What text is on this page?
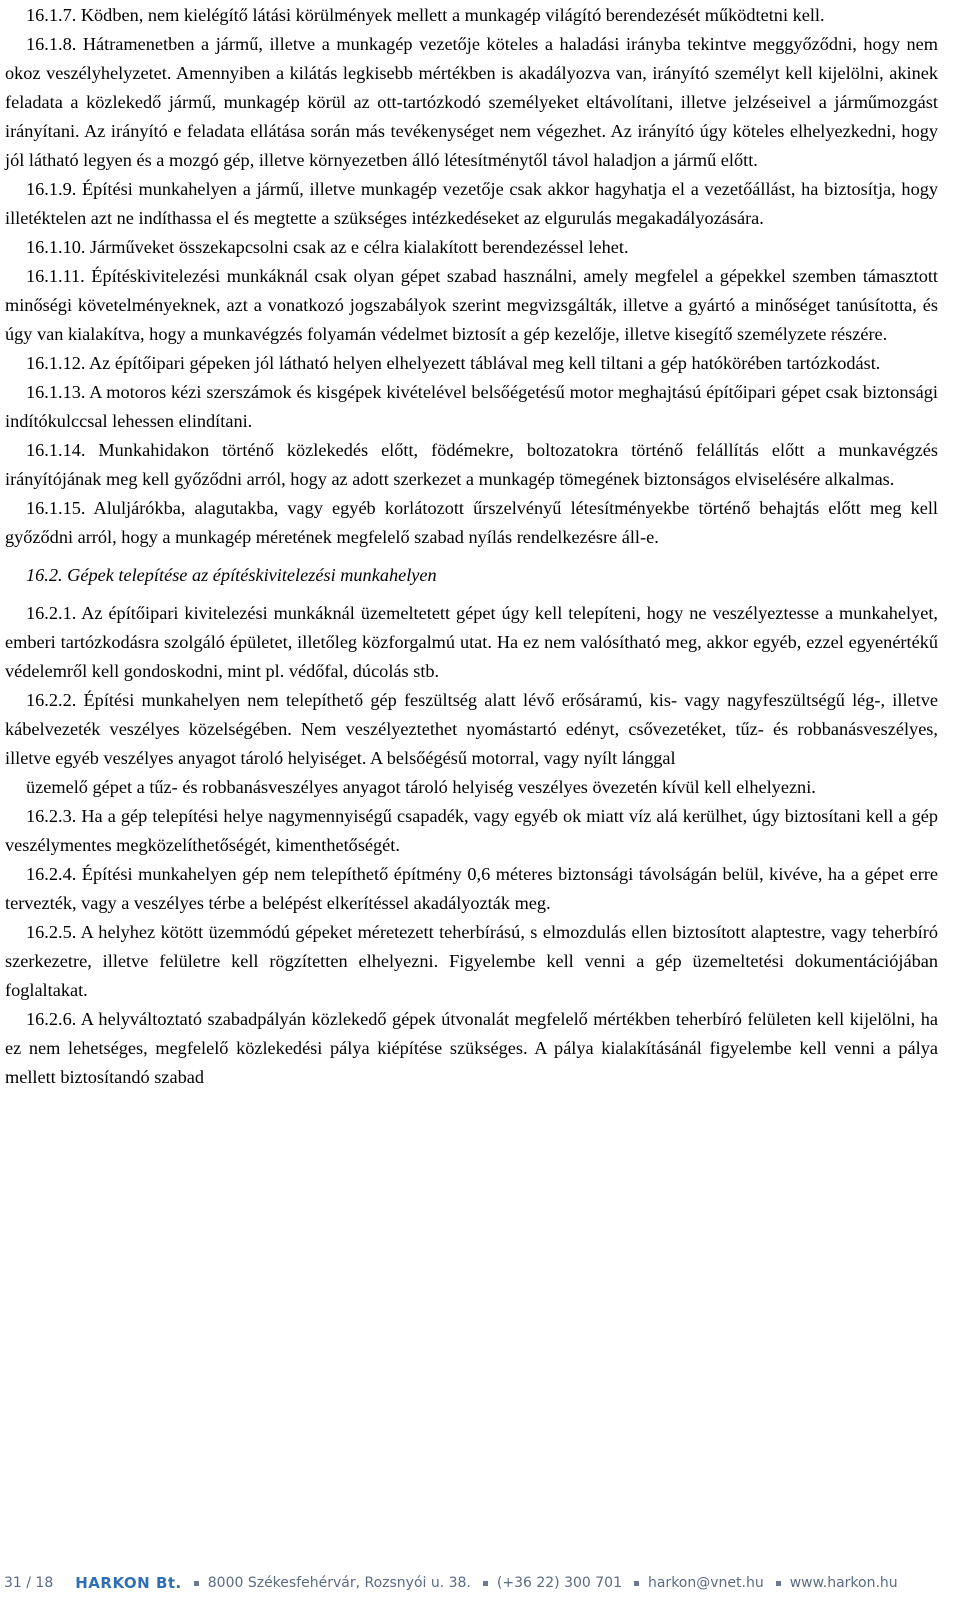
16.1.7. Ködben, nem kielégítő látási körülmények mellett a munkagép világító berendezését működtetni kell.

16.1.8. Hátramenetben a jármű, illetve a munkagép vezetője köteles a haladási irányba tekintve meggyőződni, hogy nem okoz veszélyhelyzetet. Amennyiben a kilátás legkisebb mértékben is akadályozva van, irányító személyt kell kijelölni, akinek feladata a közlekedő jármű, munkagép körül az ott-tartózkodó személyeket eltávolítani, illetve jelzéseivel a járműmozgást irányítani. Az irányító e feladata ellátása során más tevékenységet nem végezhet. Az irányító úgy köteles elhelyezkedni, hogy jól látható legyen és a mozgó gép, illetve környezetben álló létesítménytől távol haladjon a jármű előtt.

16.1.9. Építési munkahelyen a jármű, illetve munkagép vezetője csak akkor hagyhatja el a vezetőállást, ha biztosítja, hogy illetéktelen azt ne indíthassa el és megtette a szükséges intézkedéseket az elgurulás megakadályozására.

16.1.10. Járműveket összekapcsolni csak az e célra kialakított berendezéssel lehet.

16.1.11. Építéskivitelezési munkáknál csak olyan gépet szabad használni, amely megfelel a gépekkel szemben támasztott minőségi követelményeknek, azt a vonatkozó jogszabályok szerint megvizsgálták, illetve a gyártó a minőséget tanúsította, és úgy van kialakítva, hogy a munkavégzés folyamán védelmet biztosít a gép kezelője, illetve kisegítő személyzete részére.

16.1.12. Az építőipari gépeken jól látható helyen elhelyezett táblával meg kell tiltani a gép hatókörében tartózkodást.

16.1.13. A motoros kézi szerszámok és kisgépek kivételével belsőégetésű motor meghajtású építőipari gépet csak biztonsági indítókulccsal lehessen elindítani.

16.1.14. Munkahidakon történő közlekedés előtt, födémekre, boltozatokra történő felállítás előtt a munkavégzés irányítójának meg kell győződni arról, hogy az adott szerkezet a munkagép tömegének biztonságos elviselésére alkalmas.

16.1.15. Aluljárókba, alagutakba, vagy egyéb korlátozott űrszelvényű létesítményekbe történő behajtás előtt meg kell győződni arról, hogy a munkagép méretének megfelelő szabad nyílás rendelkezésre áll-e.

16.2. Gépek telepítése az építéskivitelezési munkahelyen

16.2.1. Az építőipari kivitelezési munkáknál üzemeltetett gépet úgy kell telepíteni, hogy ne veszélyeztesse a munkahelyet, emberi tartózkodásra szolgáló épületet, illetőleg közforgalmú utat. Ha ez nem valósítható meg, akkor egyéb, ezzel egyenértékű védelemről kell gondoskodni, mint pl. védőfal, dúcolás stb.

16.2.2. Építési munkahelyen nem telepíthető gép feszültség alatt lévő erősáramú, kis- vagy nagyfeszültségű lég-, illetve kábelvezeték veszélyes közelségében. Nem veszélyeztethet nyomástartó edényt, csővezetéket, tűz- és robbanásveszélyes, illetve egyéb veszélyes anyagot tároló helyiséget. A belsőégésű motorral, vagy nyílt lánggal

üzemelő gépet a tűz- és robbanásveszélyes anyagot tároló helyiség veszélyes övezetén kívül kell elhelyezni.

16.2.3. Ha a gép telepítési helye nagymennyiségű csapadék, vagy egyéb ok miatt víz alá kerülhet, úgy biztosítani kell a gép veszélymentes megközelíthetőségét, kimenthetőségét.

16.2.4. Építési munkahelyen gép nem telepíthető építmény 0,6 méteres biztonsági távolságán belül, kivéve, ha a gépet erre tervezték, vagy a veszélyes térbe a belépést elkerítéssel akadályozták meg.

16.2.5. A helyhez kötött üzemmódú gépeket méretezett teherbírású, s elmozdulás ellen biztosított alaptestre, vagy teherbíró szerkezetre, illetve felületre kell rögzítetten elhelyezni. Figyelembe kell venni a gép üzemeltetési dokumentációjában foglaltakat.

16.2.6. A helyváltoztató szabadpályán közlekedő gépek útvonalát megfelelő mértékben teherbíró felületen kell kijelölni, ha ez nem lehetséges, megfelelő közlekedési pálya kiépítése szükséges. A pálya kialakításánál figyelembe kell venni a pálya mellett biztosítandó szabad

31 / 18 HARKON Bt. 8000 Székesfehérvár, Rozsnyói u. 38. (+36 22) 300 701 harkon@vnet.hu www.harkon.hu
